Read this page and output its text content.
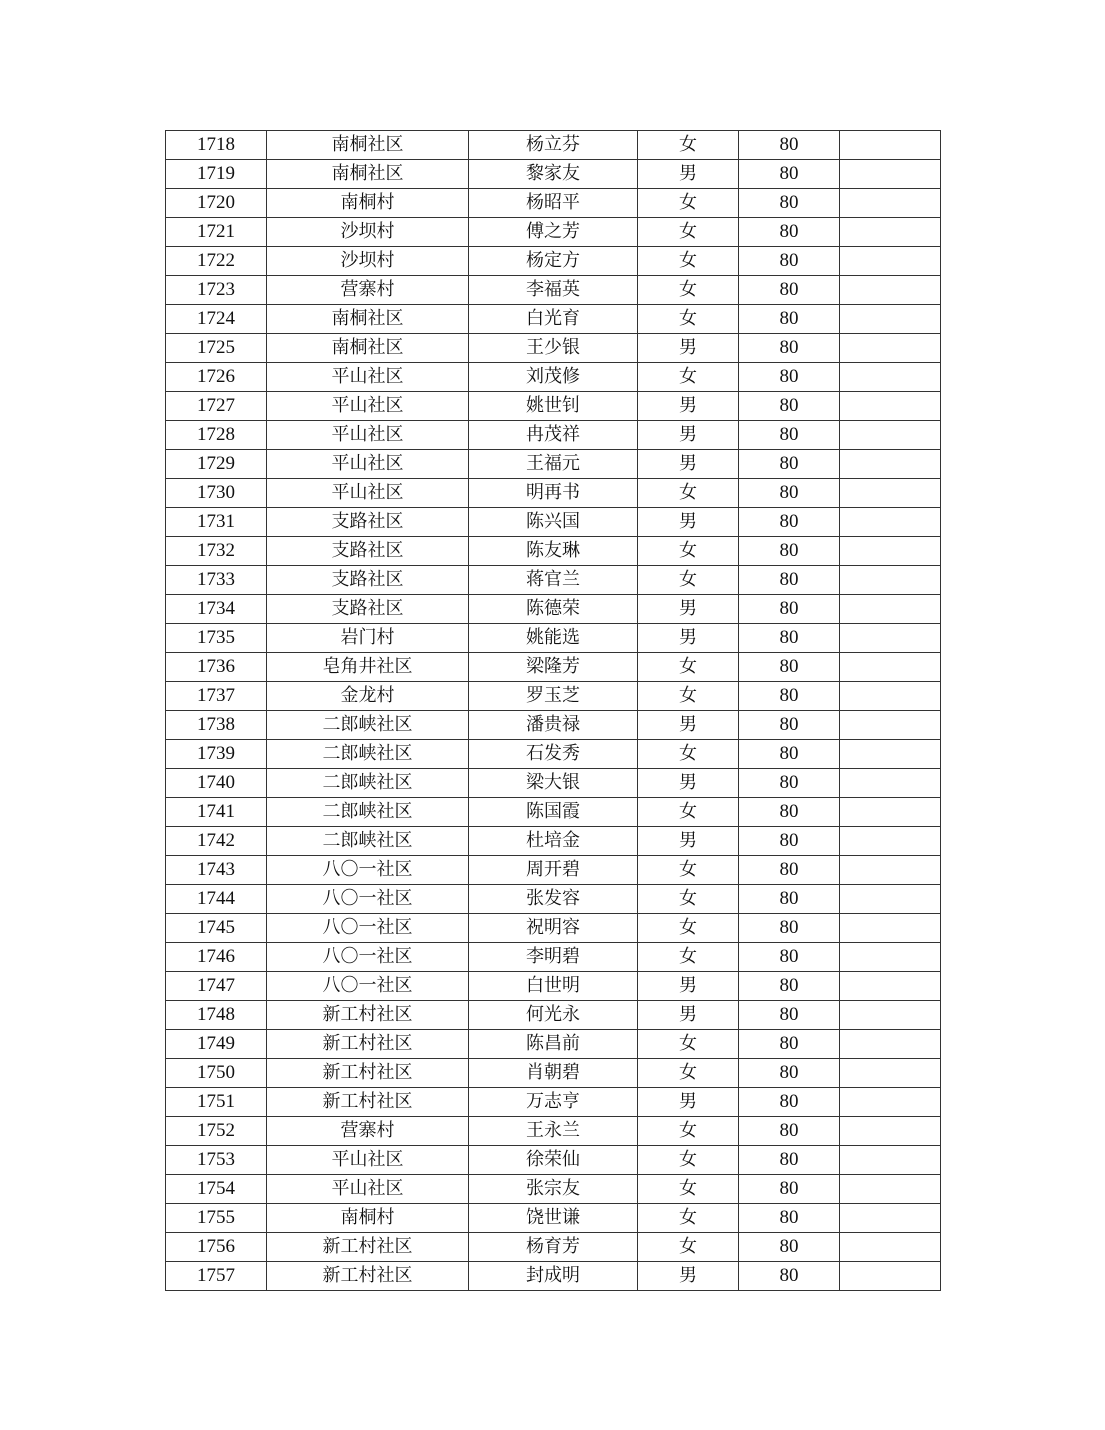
1718	南桐社区	杨立芬	女	80	
1719	南桐社区	黎家友	男	80	
1720	南桐村	杨昭平	女	80	
1721	沙坝村	傅之芳	女	80	
1722	沙坝村	杨定方	女	80	
1723	营寨村	李福英	女	80	
1724	南桐社区	白光育	女	80	
1725	南桐社区	王少银	男	80	
1726	平山社区	刘茂修	女	80	
1727	平山社区	姚世钊	男	80	
1728	平山社区	冉茂祥	男	80	
1729	平山社区	王福元	男	80	
1730	平山社区	明再书	女	80	
1731	支路社区	陈兴国	男	80	
1732	支路社区	陈友琳	女	80	
1733	支路社区	蒋官兰	女	80	
1734	支路社区	陈德荣	男	80	
1735	岩门村	姚能选	男	80	
1736	皂角井社区	梁隆芳	女	80	
1737	金龙村	罗玉芝	女	80	
1738	二郎峡社区	潘贵禄	男	80	
1739	二郎峡社区	石发秀	女	80	
1740	二郎峡社区	梁大银	男	80	
1741	二郎峡社区	陈国霞	女	80	
1742	二郎峡社区	杜培金	男	80	
1743	八〇一社区	周开碧	女	80	
1744	八〇一社区	张发容	女	80	
1745	八〇一社区	祝明容	女	80	
1746	八〇一社区	李明碧	女	80	
1747	八〇一社区	白世明	男	80	
1748	新工村社区	何光永	男	80	
1749	新工村社区	陈昌前	女	80	
1750	新工村社区	肖朝碧	女	80	
1751	新工村社区	万志亨	男	80	
1752	营寨村	王永兰	女	80	
1753	平山社区	徐荣仙	女	80	
1754	平山社区	张宗友	女	80	
1755	南桐村	饶世谦	女	80	
1756	新工村社区	杨育芳	女	80	
1757	新工村社区	封成明	男	80	
